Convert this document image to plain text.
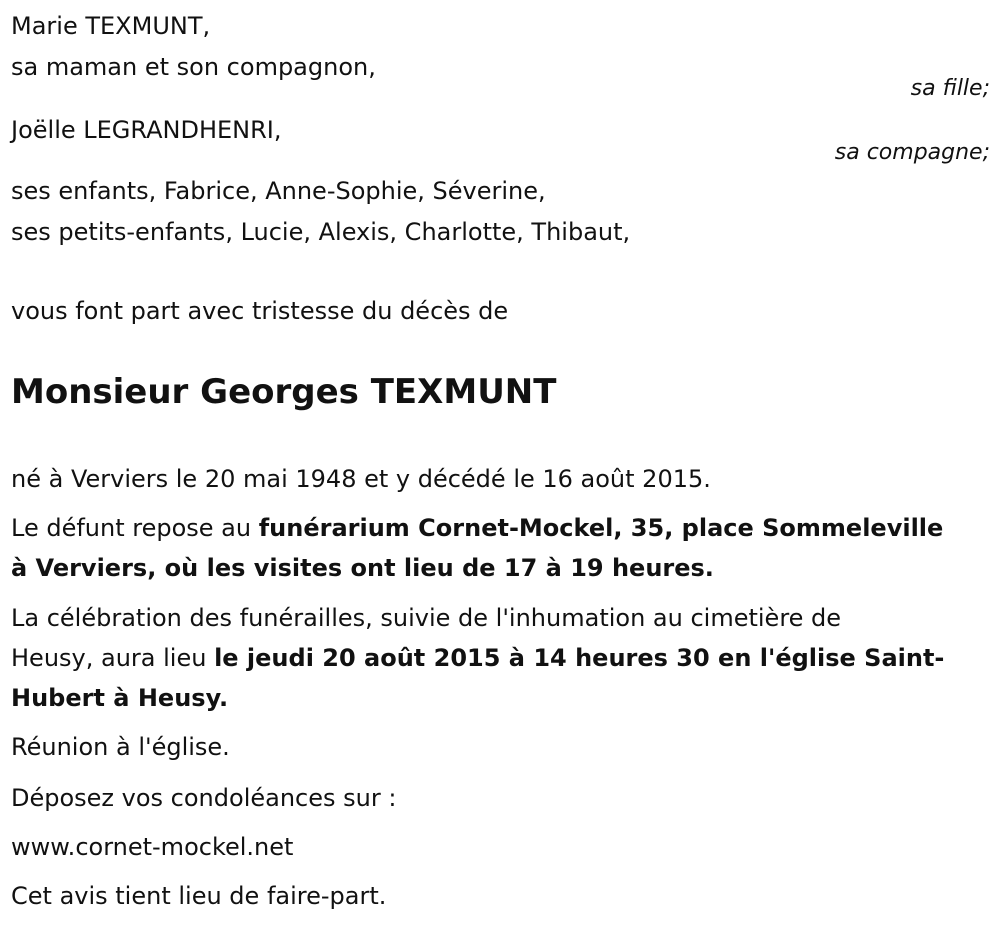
Marie TEXMUNT,

sa maman et son compagnon,

sa fille;

Joëlle LEGRANDHENRI,

sa compagne;

ses enfants, Fabrice, Anne-Sophie, Séverine,

ses petits-enfants, Lucie, Alexis, Charlotte, Thibaut,

vous font part avec tristesse du décès de

Monsieur Georges TEXMUNT

né à Verviers le 20 mai 1948 et y décédé le 16 août 2015.

Le défunt repose au funérarium Cornet-Mockel, 35, place Sommeleville

à Verviers, où les visites ont lieu de 17 à 19 heures.

La célébration des funérailles, suivie de l'inhumation au cimetière de

Heusy, aura lieu le jeudi 20 août 2015 à 14 heures 30 en l'église Saint-

Hubert à Heusy.

Réunion à l'église.

Déposez vos condoléances sur :

www.cornet-mockel.net

Cet avis tient lieu de faire-part.
